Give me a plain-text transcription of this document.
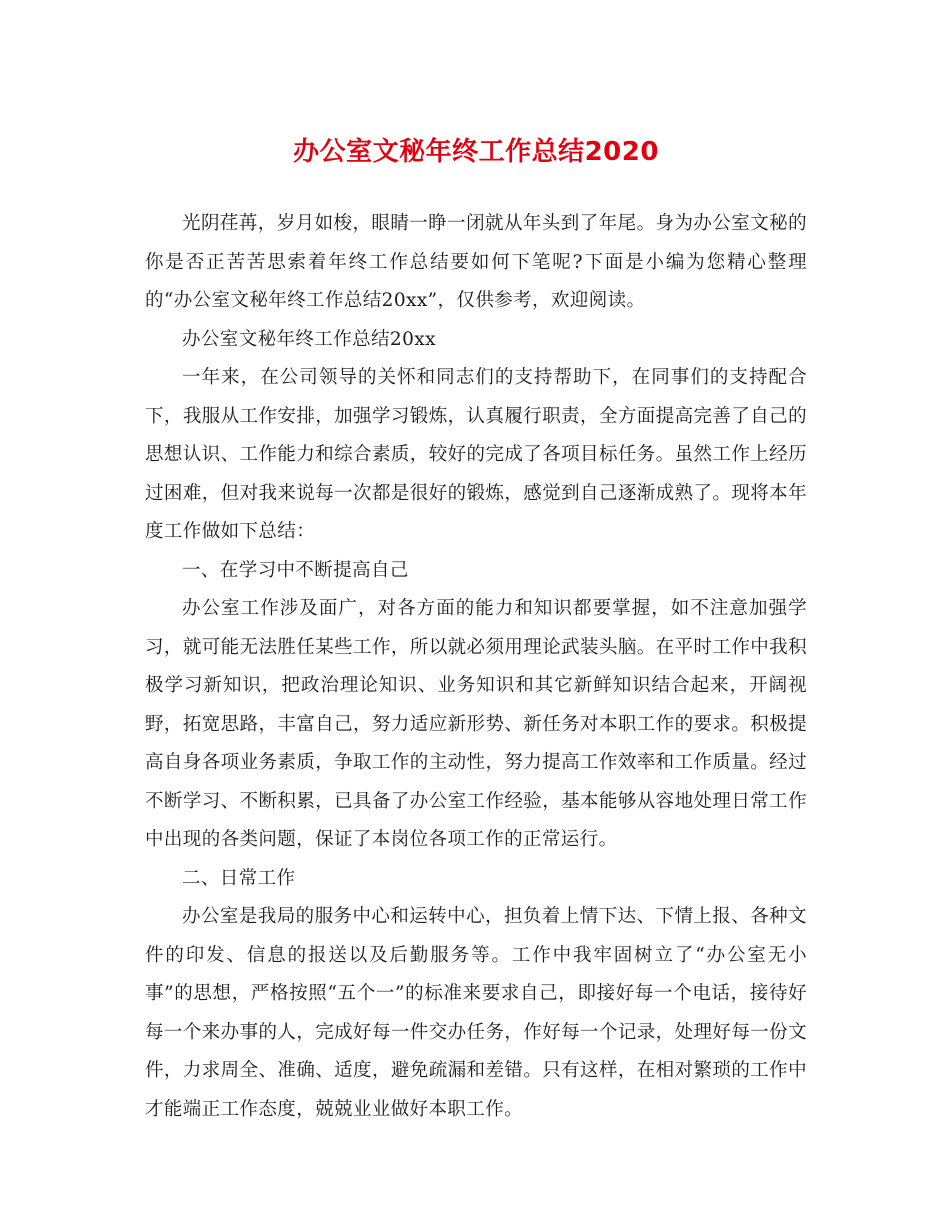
办公室文秘年终工作总结2020

光阴荏苒，岁月如梭，眼睛一睁一闭就从年头到了年尾。身为办公室文秘的你是否正苦苦思索着年终工作总结要如何下笔呢?下面是小编为您精心整理的“办公室文秘年终工作总结20xx”，仅供参考，欢迎阅读。

办公室文秘年终工作总结20xx

一年来，在公司领导的关怀和同志们的支持帮助下，在同事们的支持配合下，我服从工作安排，加强学习锻炼，认真履行职责，全方面提高完善了自己的思想认识、工作能力和综合素质，较好的完成了各项目标任务。虽然工作上经历过困难，但对我来说每一次都是很好的锻炼，感觉到自己逐渐成熟了。现将本年度工作做如下总结：

一、在学习中不断提高自己

办公室工作涉及面广，对各方面的能力和知识都要掌握，如不注意加强学习，就可能无法胜任某些工作，所以就必须用理论武装头脑。在平时工作中我积极学习新知识，把政治理论知识、业务知识和其它新鲜知识结合起来，开阔视野，拓宽思路，丰富自己，努力适应新形势、新任务对本职工作的要求。积极提高自身各项业务素质，争取工作的主动性，努力提高工作效率和工作质量。经过不断学习、不断积累，已具备了办公室工作经验，基本能够从容地处理日常工作中出现的各类问题，保证了本岗位各项工作的正常运行。

二、日常工作

办公室是我局的服务中心和运转中心，担负着上情下达、下情上报、各种文件的印发、信息的报送以及后勤服务等。工作中我牢固树立了“办公室无小事”的思想，严格按照“五个一”的标准来要求自己，即接好每一个电话，接待好每一个来办事的人，完成好每一件交办任务，作好每一个记录，处理好每一份文件，力求周全、准确、适度，避免疏漏和差错。只有这样，在相对繁琐的工作中才能端正工作态度，兢兢业业做好本职工作。
